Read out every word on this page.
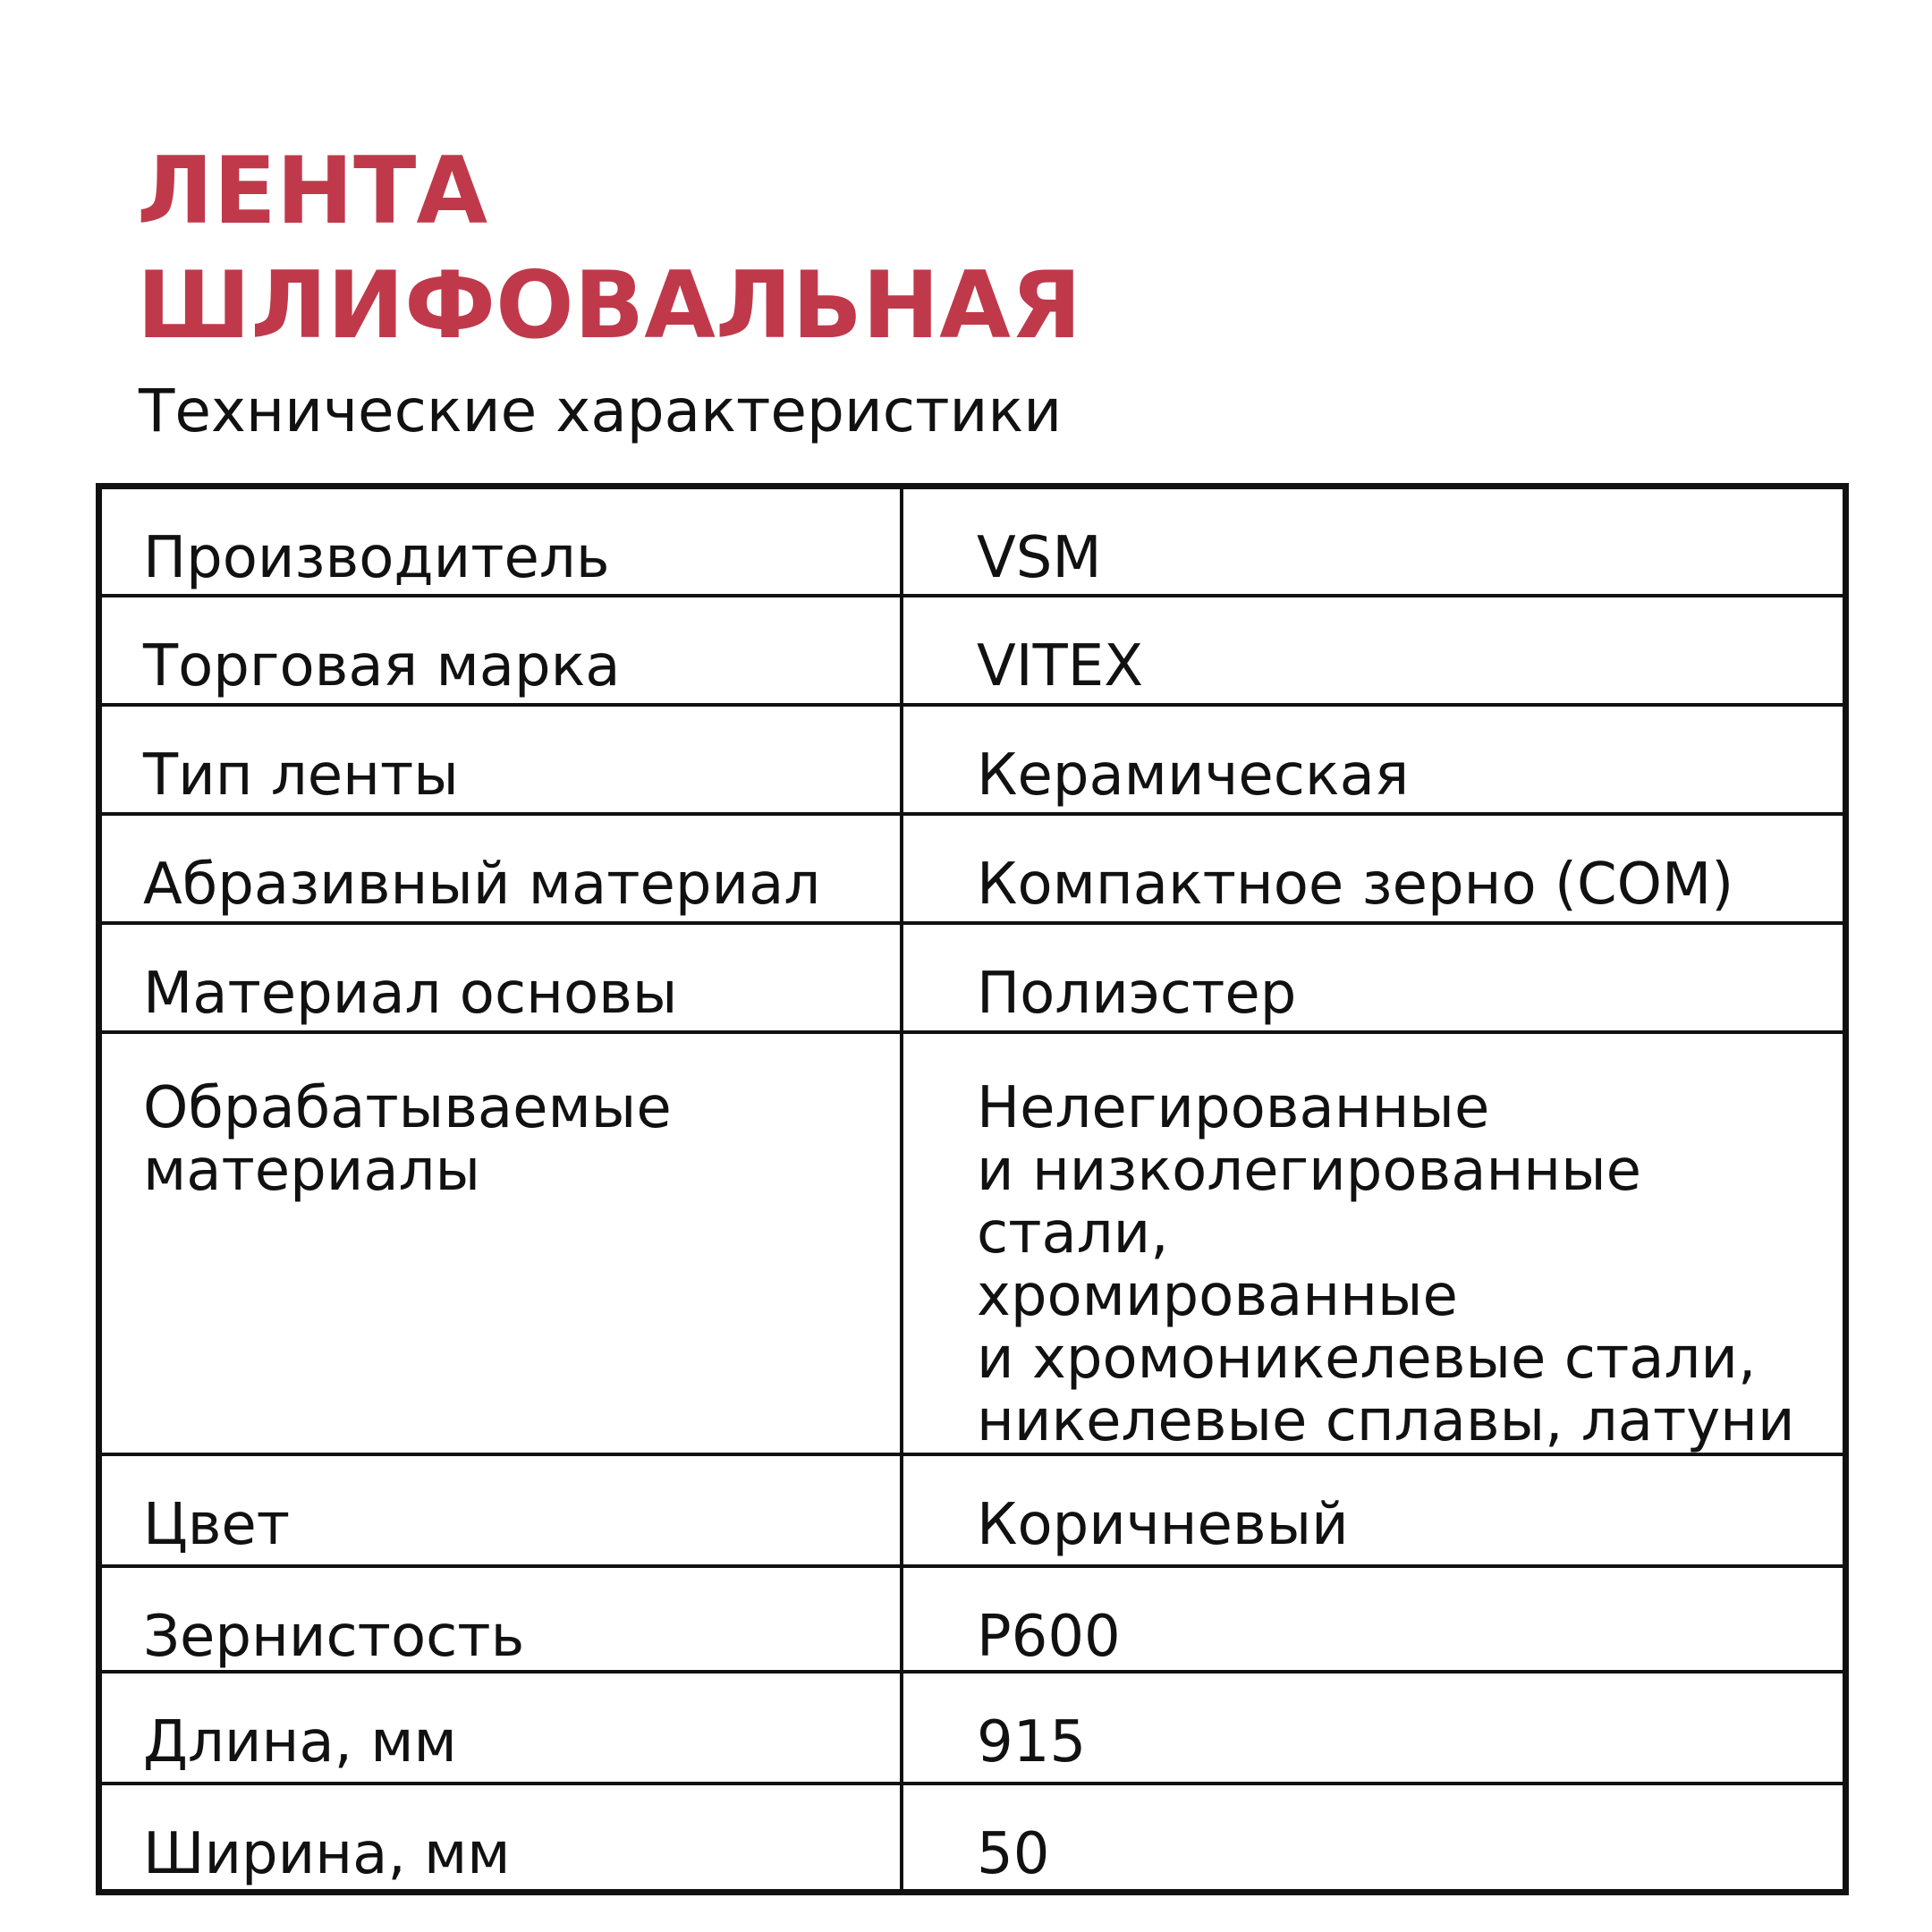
ЛЕНТА
ШЛИФОВАЛЬНАЯ

Технические характеристики

Производитель	VSM
Торговая марка	VITEX
Тип ленты	Керамическая
Абразивный материал	Компактное зерно (COM)
Материал основы	Полиэстер

Обрабатываемые
материалы	Нелегированные
и низколегированные стали,
хромированные
и хромоникелевые стали,
никелевые сплавы, латуни

Цвет	Коричневый
Зернистость	P600
Длина, мм	915
Ширина, мм	50
